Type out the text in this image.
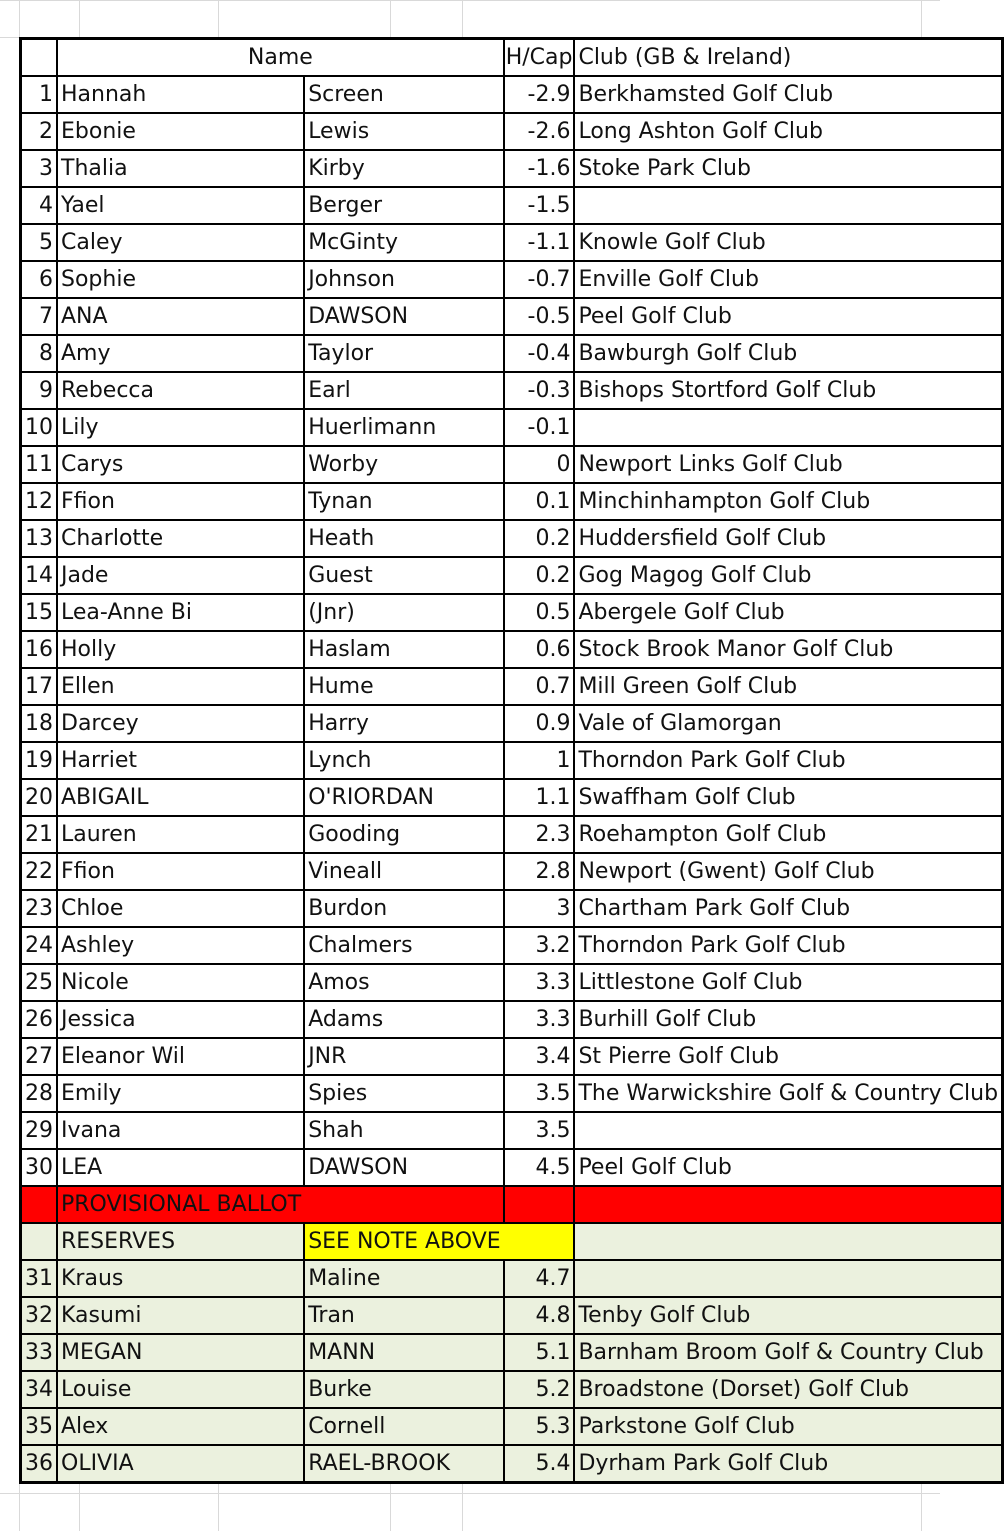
	Name		H/Cap	Club (GB & Ireland)
1	Hannah	Screen	-2.9	Berkhamsted Golf Club
2	Ebonie	Lewis	-2.6	Long Ashton Golf Club
3	Thalia	Kirby	-1.6	Stoke Park Club
4	Yael	Berger	-1.5	
5	Caley	McGinty	-1.1	Knowle Golf Club
6	Sophie	Johnson	-0.7	Enville Golf Club
7	ANA	DAWSON	-0.5	Peel Golf Club
8	Amy	Taylor	-0.4	Bawburgh Golf Club
9	Rebecca	Earl	-0.3	Bishops Stortford Golf Club
10	Lily	Huerlimann	-0.1	
11	Carys	Worby	0	Newport Links Golf Club
12	Ffion	Tynan	0.1	Minchinhampton Golf Club
13	Charlotte	Heath	0.2	Huddersfield Golf Club
14	Jade	Guest	0.2	Gog Magog Golf Club
15	Lea-Anne Bi	(Jnr)	0.5	Abergele Golf Club
16	Holly	Haslam	0.6	Stock Brook Manor Golf Club
17	Ellen	Hume	0.7	Mill Green Golf Club
18	Darcey	Harry	0.9	Vale of Glamorgan
19	Harriet	Lynch	1	Thorndon Park Golf Club
20	ABIGAIL	O'RIORDAN	1.1	Swaffham Golf Club
21	Lauren	Gooding	2.3	Roehampton Golf Club
22	Ffion	Vineall	2.8	Newport (Gwent) Golf Club
23	Chloe	Burdon	3	Chartham Park Golf Club
24	Ashley	Chalmers	3.2	Thorndon Park Golf Club
25	Nicole	Amos	3.3	Littlestone Golf Club
26	Jessica	Adams	3.3	Burhill Golf Club
27	Eleanor Wil	JNR	3.4	St Pierre Golf Club
28	Emily	Spies	3.5	The Warwickshire Golf & Country Club
29	Ivana	Shah	3.5	
30	LEA	DAWSON	4.5	Peel Golf Club
	PROVISIONAL BALLOT			
	RESERVES	SEE NOTE ABOVE		
31	Kraus	Maline	4.7	
32	Kasumi	Tran	4.8	Tenby Golf Club
33	MEGAN	MANN	5.1	Barnham Broom Golf & Country Club
34	Louise	Burke	5.2	Broadstone (Dorset) Golf Club
35	Alex	Cornell	5.3	Parkstone Golf Club
36	OLIVIA	RAEL-BROOK	5.4	Dyrham Park Golf Club
